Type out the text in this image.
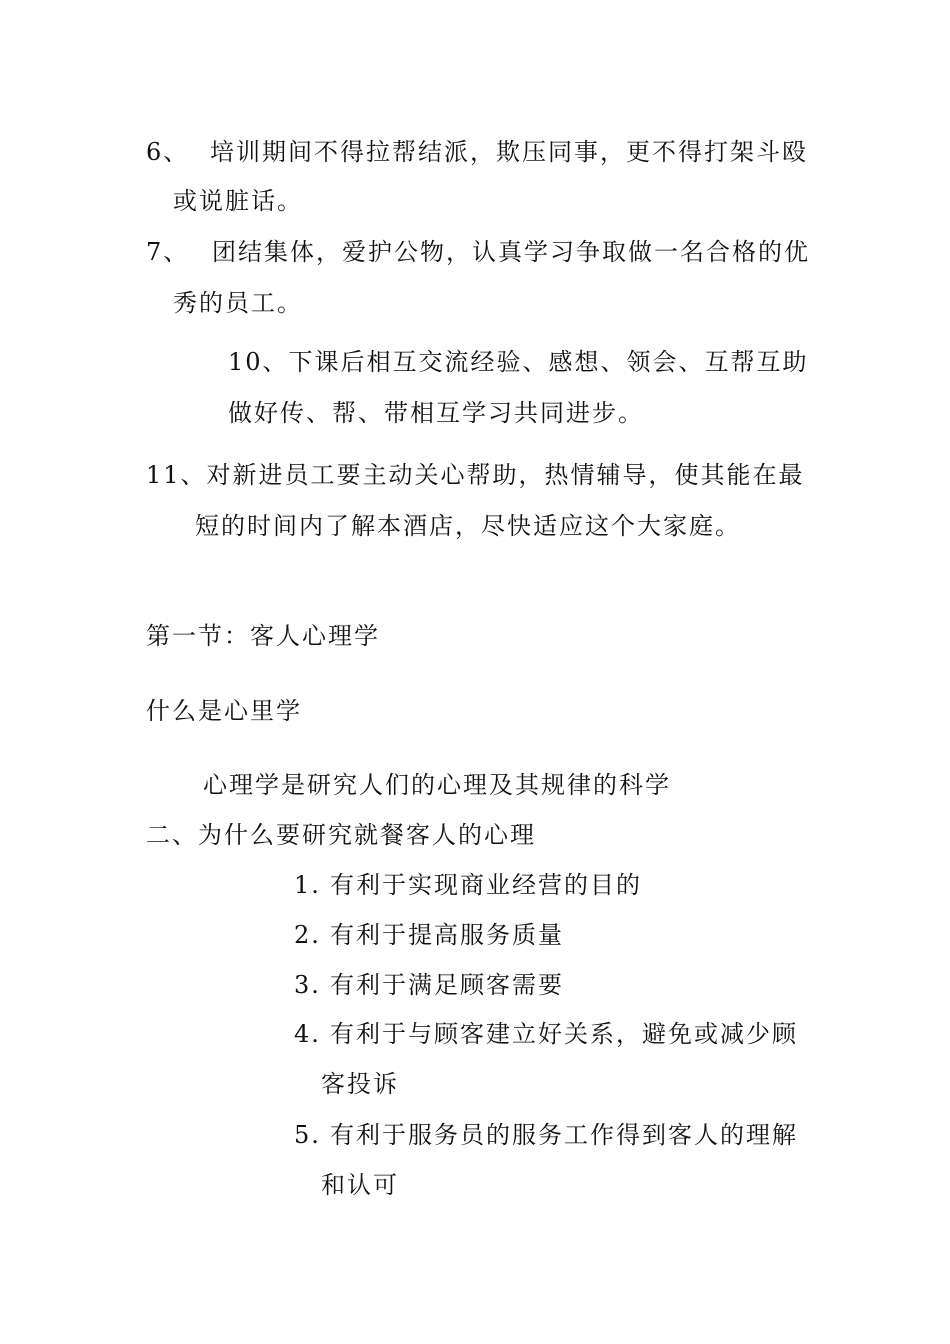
6、 培训期间不得拉帮结派，欺压同事，更不得打架斗殴
或说脏话。
7、 团结集体，爱护公物，认真学习争取做一名合格的优
秀的员工。
10、下课后相互交流经验、感想、领会、互帮互助
做好传、帮、带相互学习共同进步。
11、对新进员工要主动关心帮助，热情辅导，使其能在最
短的时间内了解本酒店，尽快适应这个大家庭。
第一节：客人心理学
什么是心里学
心理学是研究人们的心理及其规律的科学
二、为什么要研究就餐客人的心理
1. 有利于实现商业经营的目的
2. 有利于提高服务质量
3. 有利于满足顾客需要
4. 有利于与顾客建立好关系，避免或减少顾
客投诉
5. 有利于服务员的服务工作得到客人的理解
和认可
